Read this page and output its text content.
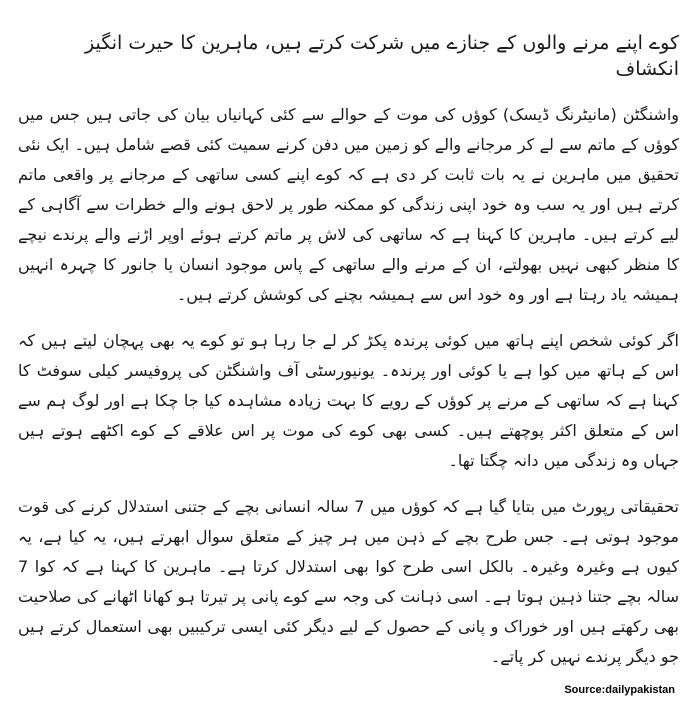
کوے اپنے مرنے والوں کے جنازے میں شرکت کرتے ہیں، ماہرین کا حیرت انگیز انکشاف

واشنگٹن (مانیٹرنگ ڈیسک) کوؤں کی موت کے حوالے سے کئی کہانیاں بیان کی جاتی ہیں جس میں کوؤں کے ماتم سے لے کر مرجانے والے کو زمین میں دفن کرنے سمیت کئی قصے شامل ہیں۔ ایک نئی تحقیق میں ماہرین نے یہ بات ثابت کر دی ہے کہ کوے اپنے کسی ساتھی کے مرجانے پر واقعی ماتم کرتے ہیں اور یہ سب وہ خود اپنی زندگی کو ممکنہ طور پر لاحق ہونے والے خطرات سے آگاہی کے لیے کرتے ہیں۔ ماہرین کا کہنا ہے کہ ساتھی کی لاش پر ماتم کرتے ہوئے اوپر اڑنے والے پرندے نیچے کا منظر کبھی نہیں بھولتے، ان کے مرنے والے ساتھی کے پاس موجود انسان یا جانور کا چہرہ انہیں ہمیشہ یاد رہتا ہے اور وہ خود اس سے ہمیشہ بچنے کی کوشش کرتے ہیں۔

اگر کوئی شخص اپنے ہاتھ میں کوئی پرندہ پکڑ کر لے جا رہا ہو تو کوے یہ بھی پہچان لیتے ہیں کہ اس کے ہاتھ میں کوا ہے یا کوئی اور پرندہ۔ یونیورسٹی آف واشنگٹن کی پروفیسر کیلی سوفٹ کا کہنا ہے کہ ساتھی کے مرنے پر کوؤں کے رویے کا بہت زیادہ مشاہدہ کیا جا چکا ہے اور لوگ ہم سے اس کے متعلق اکثر پوچھتے ہیں۔ کسی بھی کوے کی موت پر اس علاقے کے کوے اکٹھے ہوتے ہیں جہاں وہ زندگی میں دانہ چگتا تھا۔

تحقیقاتی رپورٹ میں بتایا گیا ہے کہ کوؤں میں 7 سالہ انسانی بچے کے جتنی استدلال کرنے کی قوت موجود ہوتی ہے۔ جس طرح بچے کے ذہن میں ہر چیز کے متعلق سوال ابھرتے ہیں، یہ کیا ہے، یہ کیوں ہے وغیرہ وغیرہ۔ بالکل اسی طرح کوا بھی استدلال کرتا ہے۔ ماہرین کا کہنا ہے کہ کوا 7 سالہ بچے جتنا ذہین ہوتا ہے۔ اسی ذہانت کی وجہ سے کوے پانی پر تیرتا ہو کھانا اٹھانے کی صلاحیت بھی رکھتے ہیں اور خوراک و پانی کے حصول کے لیے دیگر کئی ایسی ترکیبیں بھی استعمال کرتے ہیں جو دیگر پرندے نہیں کر پاتے۔

Source:dailypakistan
